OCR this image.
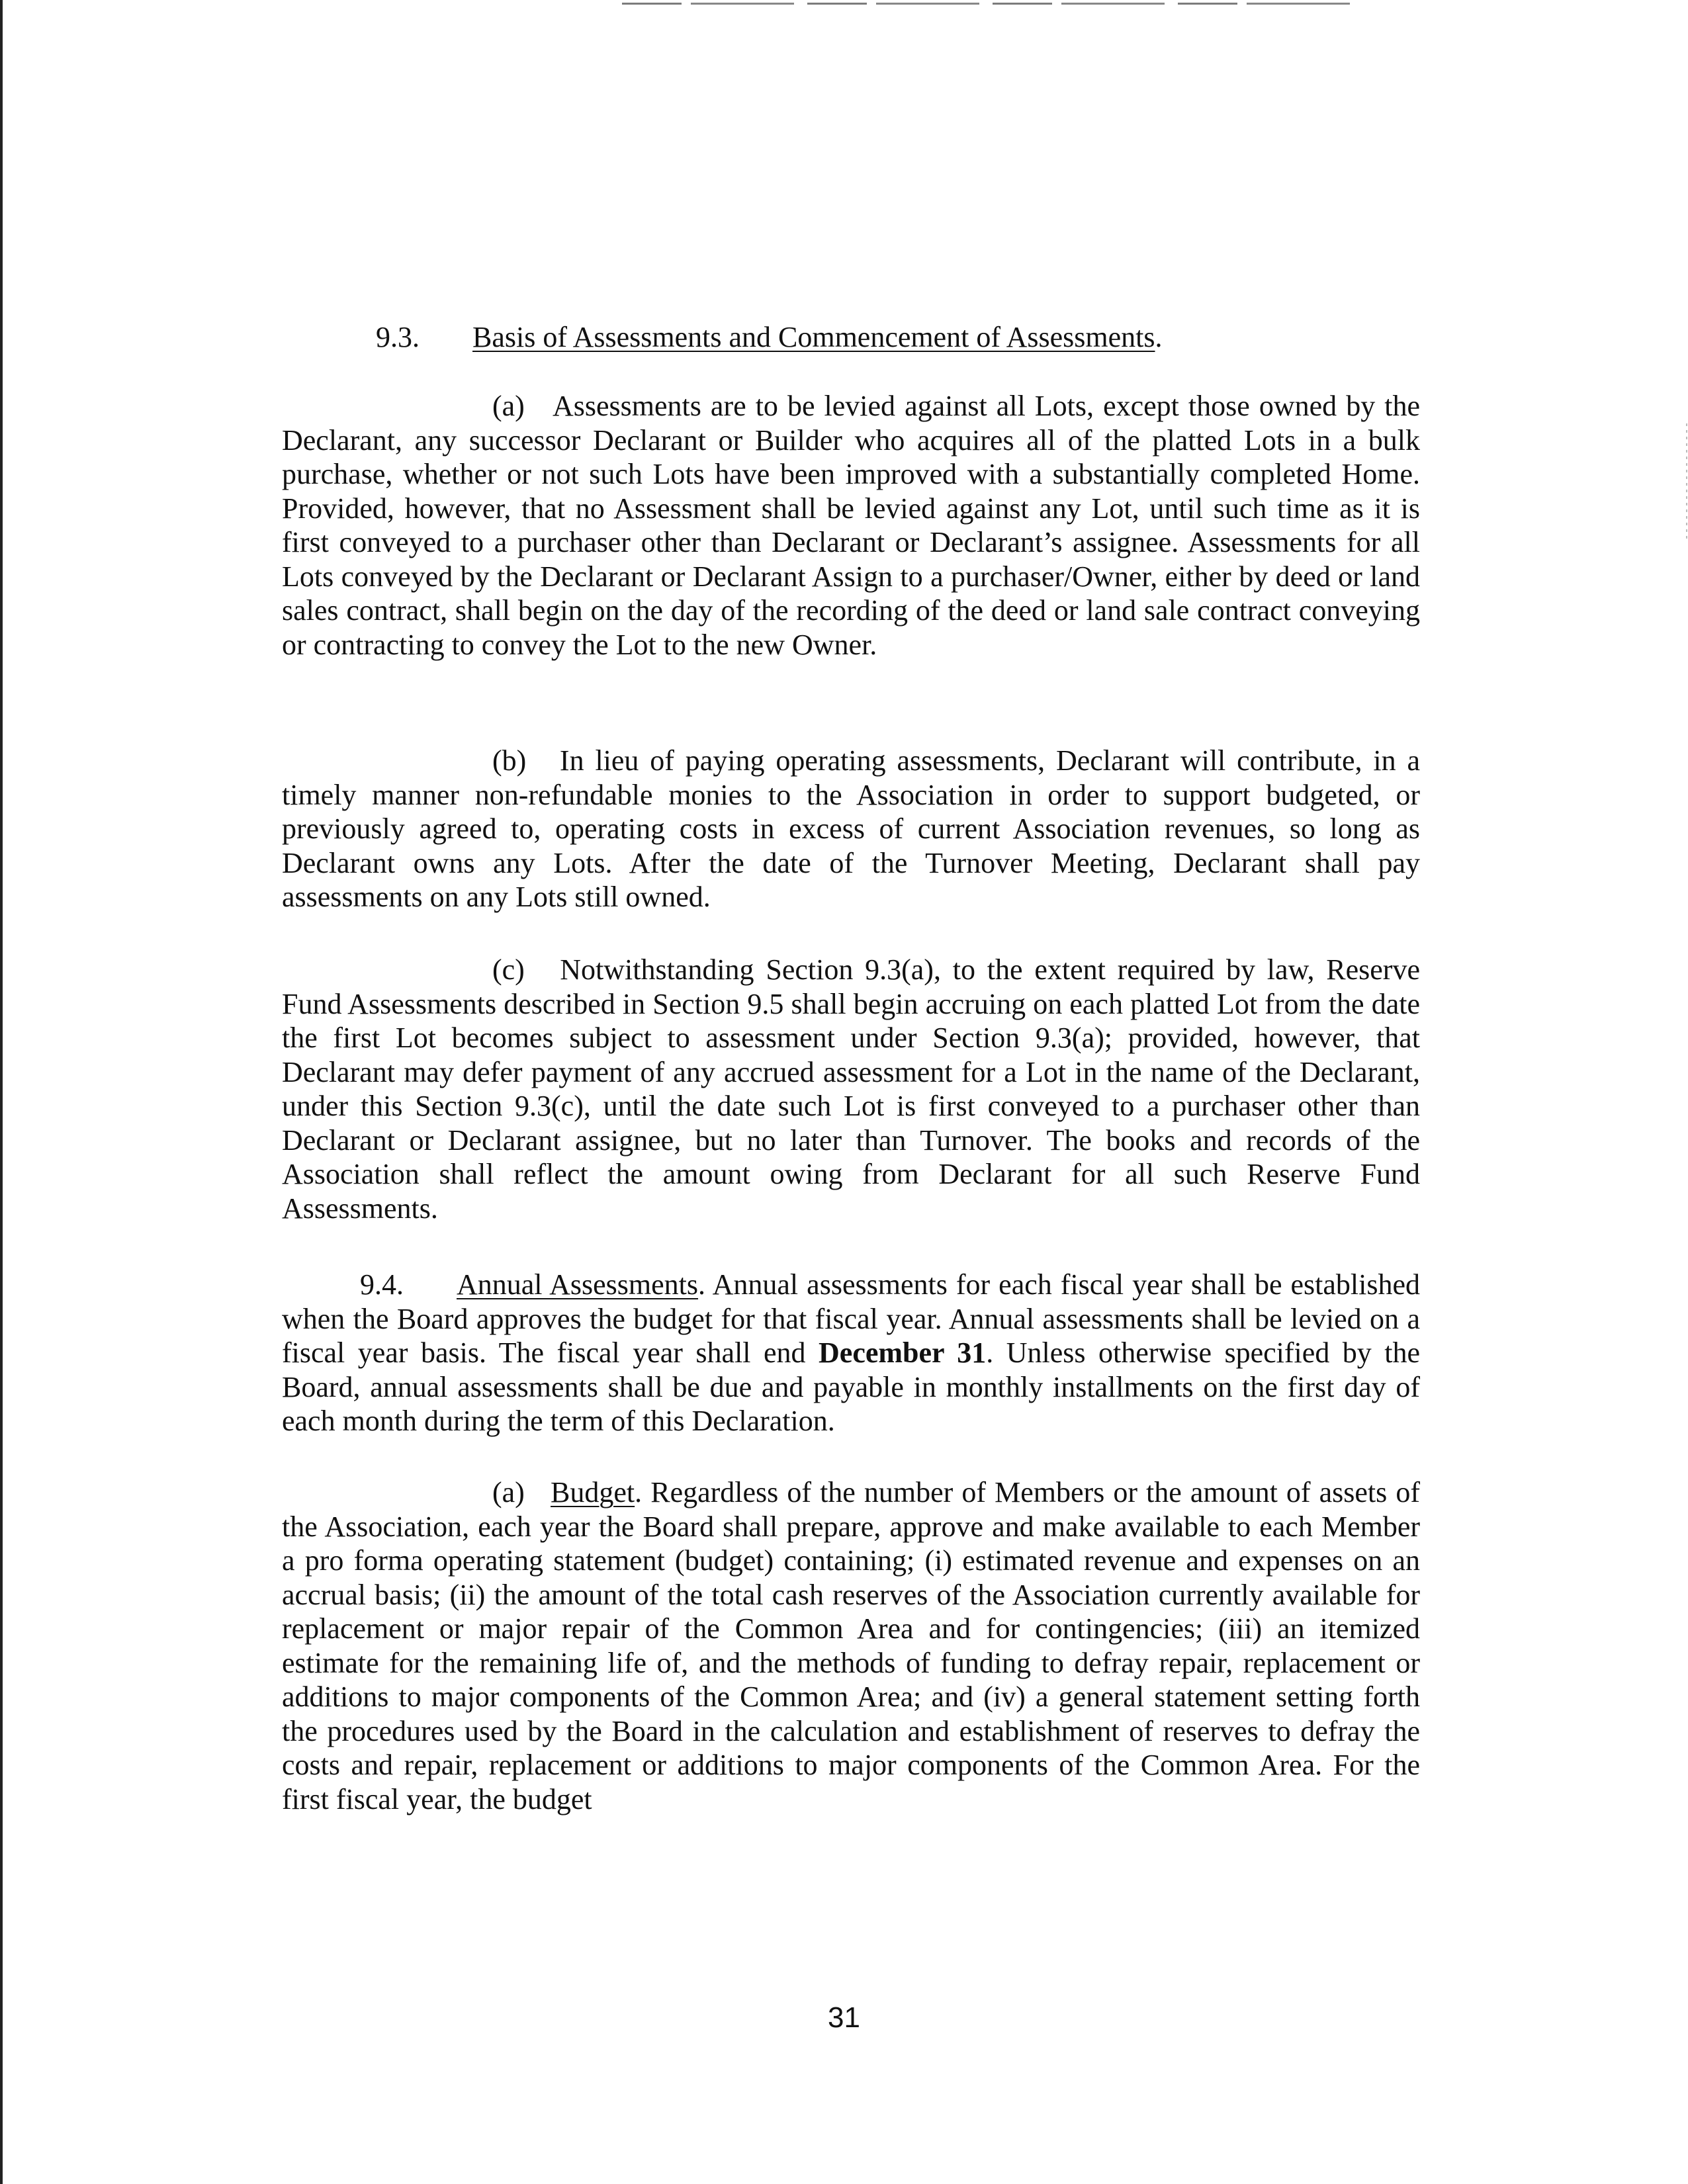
9.3. Basis of Assessments and Commencement of Assessments.

(a) Assessments are to be levied against all Lots, except those owned by the Declarant, any successor Declarant or Builder who acquires all of the platted Lots in a bulk purchase, whether or not such Lots have been improved with a substantially completed Home. Provided, however, that no Assessment shall be levied against any Lot, until such time as it is first conveyed to a purchaser other than Declarant or Declarant’s assignee. Assessments for all Lots conveyed by the Declarant or Declarant Assign to a purchaser/Owner, either by deed or land sales contract, shall begin on the day of the recording of the deed or land sale contract conveying or contracting to convey the Lot to the new Owner.

(b) In lieu of paying operating assessments, Declarant will contribute, in a timely manner non-refundable monies to the Association in order to support budgeted, or previously agreed to, operating costs in excess of current Association revenues, so long as Declarant owns any Lots. After the date of the Turnover Meeting, Declarant shall pay assessments on any Lots still owned.

(c) Notwithstanding Section 9.3(a), to the extent required by law, Reserve Fund Assessments described in Section 9.5 shall begin accruing on each platted Lot from the date the first Lot becomes subject to assessment under Section 9.3(a); provided, however, that Declarant may defer payment of any accrued assessment for a Lot in the name of the Declarant, under this Section 9.3(c), until the date such Lot is first conveyed to a purchaser other than Declarant or Declarant assignee, but no later than Turnover. The books and records of the Association shall reflect the amount owing from Declarant for all such Reserve Fund Assessments.

9.4. Annual Assessments. Annual assessments for each fiscal year shall be established when the Board approves the budget for that fiscal year. Annual assessments shall be levied on a fiscal year basis. The fiscal year shall end December 31. Unless otherwise specified by the Board, annual assessments shall be due and payable in monthly installments on the first day of each month during the term of this Declaration.

(a) Budget. Regardless of the number of Members or the amount of assets of the Association, each year the Board shall prepare, approve and make available to each Member a pro forma operating statement (budget) containing; (i) estimated revenue and expenses on an accrual basis; (ii) the amount of the total cash reserves of the Association currently available for replacement or major repair of the Common Area and for contingencies; (iii) an itemized estimate for the remaining life of, and the methods of funding to defray repair, replacement or additions to major components of the Common Area; and (iv) a general statement setting forth the procedures used by the Board in the calculation and establishment of reserves to defray the costs and repair, replacement or additions to major components of the Common Area. For the first fiscal year, the budget

31
